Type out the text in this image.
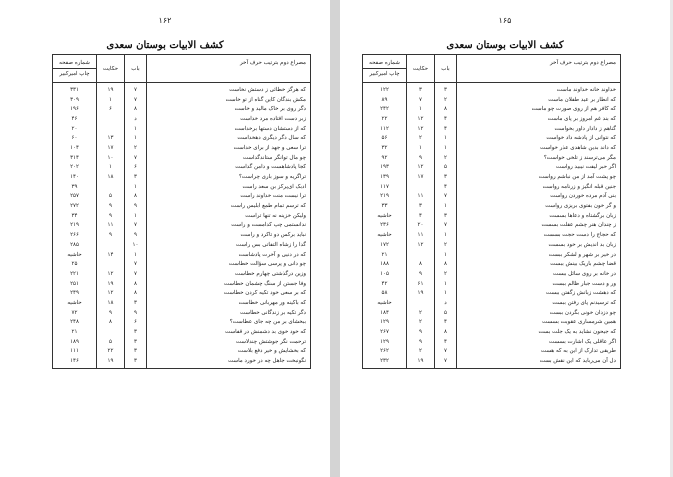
۱۶۲
کشف الابیات بوستان سعدی
مصراع دوم بترتیب حرف آخر	باب	حکایت	شماره صفحه
چاپ امیرکبیر

که هرگز خطائی ز دستش نخاست	۷	۱۹	۳۳۱
مکش بندگان کاین گناه از تو خاست	۷	۱	۳۰۹
دگر روی بر خاک مالید و خاست	۸	۶	۱۹۶
زبر دست افتاده مرد خداست	د		۴۶
که از دستشان دستها برخداست	۱		۲۰
که سال دگر دیگری دهخداست	۱	۱۳	۶۰
ترا سعی و جهد از برای خداست	۲	۱۷	۱۰۴
چو مال توانگر ستاندگداست	۷	۱۰	۳۱۴
کجا پادشاهست و دامن گداست	۶	۱	۲۰۲
تراگریه و سوز باری چراست؟	۳	۱۸	۱۴۰
ادبک ای‌پرکز بن سعد راست	۱		۳۹
ترا نیست منت خداوند راست	۸	۵	۲۵۷
که ترسم تمام طمع ابلیس راست	۹	۹	۲۷۲
ولیکن خزینه نه تنها تراست	۱	۹	۳۴
ندانستمی چپ کدامست و راست	۷	۱۱	۲۱۹
نباید برکس دو تاکرد و راست	۹	۹	۲۶۶
گدا را زشاه التفاتی بس راست	۱۰		۲۸۵
که در دنیی و آخرت پادشاست	۱	۱۴	حاشیه
چو دانی و پرسی سؤالت خطاست	۷		۲۵
وزین درگذشتی چهارم خطاست	۷	۱۲	۲۲۱
وفا جستن از سنگ چشمان خطاست	۸	۱۹	۲۵۱
که بر سعی خود تکیه کردن خطاست	۸	۱۲	۲۴۹
که باکینه ور مهربانی خطاست	۳	۱۸	حاشیه
دگر تکیه بر زندگانی خطاست	۹	۹	۷۲
ببخشای بر من چه جای عطاست؟	۶	۸	۲۴۸
که خود خوی بد دشمنش در قفاست	۳		۲۱
ترحمت نگر جوشتش چندلاست	۳	۵	۱۸۹
که بخشایش و خیر دفع بلاست	۳	۲۲	۱۱۱
نگونبخت جاهل چه در خورد ماست	۳	۱۹	۱۴۶
۱۶۵
کشف الابیات بوستان سعدی
مصراع دوم بترتیب حرف آخر	باب	حکایت	شماره صفحه
چاپ امیرکبیر

خداوند خانه خداوند ماست	۳	۳	۱۲۲
که انطار بر عید طفلان ماست	۲	۷	۸۹
که کافر هم از روی صورت چو ماست	۸	۱	۲۴۲
که بند غم امروز بر پای ماست	۴	۱۲	۲۲
گناهم ز دادار داور بخواست	۴	۱۲	۱۱۲
که نتوانی از پادشه داد خواست	۱	۲	۵۶
که داند بدین شاهدی عذر خواست	۱	۱	۳۲
مگر می‌ترسند ز تلخی خواست؟	۲	۹	۹۲
اگر حبر لیفت نیبید رواست	۵	۱۲	۱۹۳
چو پشت آمد از من نباشم رواست	۳	۱۷	۱۳۹
جنین قبله انگیز و زرنامه رواست	۴		۱۱۷
بنی آدم مرده خوردن رواست	۷	۱۱	۲۱۹
و گر خون بفتوی بریزی رواست	۱	۳	۳۳
زبان برگشتاه و دعاها بسست	۳	۴	حاشیه
ز چندان هنر چشم عقلت بسست	۷	۲۰	۲۳۶
که حجاج را دست حجت بسست	۱	۱۱	حاشیه
زبان بد اندیش بر خود بسست	۲	۱۲	۱۷۲
در خیر بر شهر و لشکر ببست	۱		۲۱
قضا چشم باریک بینش ببست	۸	۸	۱۸۸
در خانه بر روی سائل ببست	۲	۹	۱۰۵
ور و دست جبار ظالم ببست	۱	۶۱	۴۲
که دهشت زبانش زگفتن ببست	۱	۱۹	۵۸
که ترسیدنم پای رفتن ببست	د		حاشیه
چو دزدان خونی بگردن ببست	۵	۲	۱۸۴
همین شرمساری عقوبت بسست	۴	۲	۱۲۹
که جیحون نشاید به یک جلت بست	۸	۹	۲۶۷
اگر عاقلی یک اشارت بسست	۴	۹	۱۲۹
طریقی تدارک از این به که هست	۷	۲	۲۶۲
دل آن می‌رباید که این نقش بست	۷	۱۹	۲۳۲
